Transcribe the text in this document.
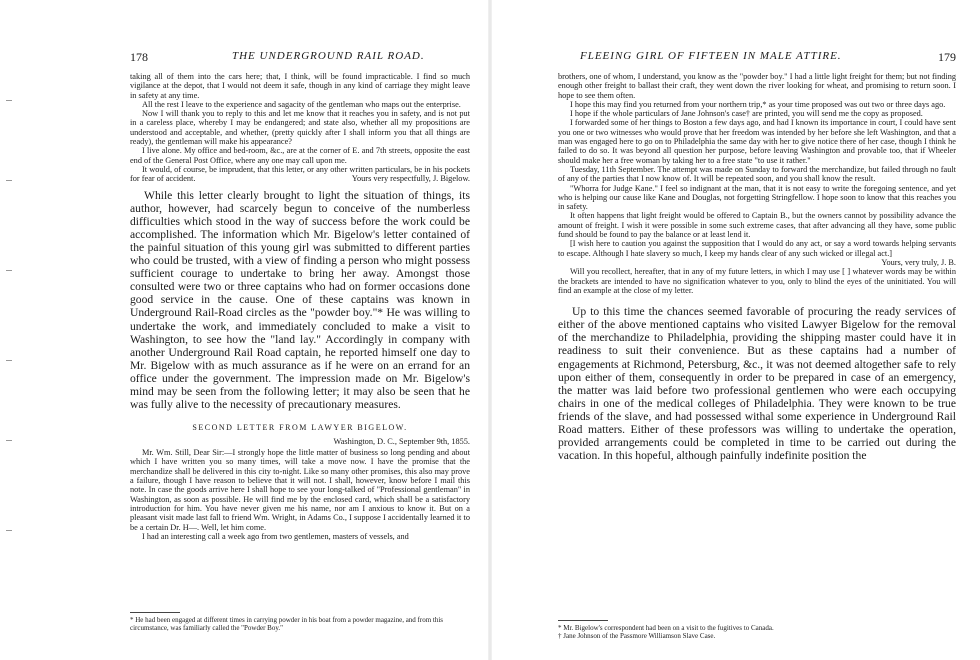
178	THE UNDERGROUND RAIL ROAD.

taking all of them into the cars here; that, I think, will be found impracticable. I find so much vigilance at the depot, that I would not deem it safe, though in any kind of carriage they might leave in safety at any time.

All the rest I leave to the experience and sagacity of the gentleman who maps out the enterprise.

Now I will thank you to reply to this and let me know that it reaches you in safety, and is not put in a careless place, whereby I may be endangered; and state also, whether all my propositions are understood and acceptable, and whether, (pretty quickly after I shall inform you that all things are ready), the gentleman will make his appearance?

I live alone. My office and bed-room, &c., are at the corner of E. and 7th streets, opposite the east end of the General Post Office, where any one may call upon me.

It would, of course, be imprudent, that this letter, or any other written particulars, be in his pockets for fear of accident.	Yours very respectfully, J. Bigelow.

While this letter clearly brought to light the situation of things, its author, however, had scarcely begun to conceive of the numberless difficulties which stood in the way of success before the work could be accomplished. The information which Mr. Bigelow's letter contained of the painful situation of this young girl was submitted to different parties who could be trusted, with a view of finding a person who might possess sufficient courage to undertake to bring her away. Amongst those consulted were two or three captains who had on former occasions done good service in the cause. One of these captains was known in Underground Rail-Road circles as the "powder boy."* He was willing to undertake the work, and immediately concluded to make a visit to Washington, to see how the "land lay." Accordingly in company with another Underground Rail Road captain, he reported himself one day to Mr. Bigelow with as much assurance as if he were on an errand for an office under the government. The impression made on Mr. Bigelow's mind may be seen from the following letter; it may also be seen that he was fully alive to the necessity of precautionary measures.

SECOND LETTER FROM LAWYER BIGELOW.

Washington, D. C., September 9th, 1855.

Mr. Wm. Still, Dear Sir:—I strongly hope the little matter of business so long pending and about which I have written you so many times, will take a move now. I have the promise that the merchandize shall be delivered in this city to-night. Like so many other promises, this also may prove a failure, though I have reason to believe that it will not. I shall, however, know before I mail this note. In case the goods arrive here I shall hope to see your long-talked of "Professional gentleman" in Washington, as soon as possible. He will find me by the enclosed card, which shall be a satisfactory introduction for him. You have never given me his name, nor am I anxious to know it. But on a pleasant visit made last fall to friend Wm. Wright, in Adams Co., I suppose I accidentally learned it to be a certain Dr. H—. Well, let him come.

I had an interesting call a week ago from two gentlemen, masters of vessels, and

* He had been engaged at different times in carrying powder in his boat from a powder magazine, and from this circumstance, was familiarly called the "Powder Boy."

FLEEING GIRL OF FIFTEEN IN MALE ATTIRE.	179

brothers, one of whom, I understand, you know as the "powder boy." I had a little light freight for them; but not finding enough other freight to ballast their craft, they went down the river looking for wheat, and promising to return soon. I hope to see them often.

I hope this may find you returned from your northern trip,* as your time proposed was out two or three days ago.

I hope if the whole particulars of Jane Johnson's case† are printed, you will send me the copy as proposed.

I forwarded some of her things to Boston a few days ago, and had I known its importance in court, I could have sent you one or two witnesses who would prove that her freedom was intended by her before she left Washington, and that a man was engaged here to go on to Philadelphia the same day with her to give notice there of her case, though I think he failed to do so. It was beyond all question her purpose, before leaving Washington and provable too, that if Wheeler should make her a free woman by taking her to a free state "to use it rather."

Tuesday, 11th September. The attempt was made on Sunday to forward the merchandize, but failed through no fault of any of the parties that I now know of. It will be repeated soon, and you shall know the result.

"Whorra for Judge Kane." I feel so indignant at the man, that it is not easy to write the foregoing sentence, and yet who is helping our cause like Kane and Douglas, not forgetting Stringfellow. I hope soon to know that this reaches you in safety.

It often happens that light freight would be offered to Captain B., but the owners cannot by possibility advance the amount of freight. I wish it were possible in some such extreme cases, that after advancing all they have, some public fund should be found to pay the balance or at least lend it.

[I wish here to caution you against the supposition that I would do any act, or say a word towards helping servants to escape. Although I hate slavery so much, I keep my hands clear of any such wicked or illegal act.]

Yours, very truly, J. B.

Will you recollect, hereafter, that in any of my future letters, in which I may use [ ] whatever words may be within the brackets are intended to have no signification whatever to you, only to blind the eyes of the uninitiated. You will find an example at the close of my letter.

Up to this time the chances seemed favorable of procuring the ready services of either of the above mentioned captains who visited Lawyer Bigelow for the removal of the merchandize to Philadelphia, providing the shipping master could have it in readiness to suit their convenience. But as these captains had a number of engagements at Richmond, Petersburg, &c., it was not deemed altogether safe to rely upon either of them, consequently in order to be prepared in case of an emergency, the matter was laid before two professional gentlemen who were each occupying chairs in one of the medical colleges of Philadelphia. They were known to be true friends of the slave, and had possessed withal some experience in Underground Rail Road matters. Either of these professors was willing to undertake the operation, provided arrangements could be completed in time to be carried out during the vacation. In this hopeful, although painfully indefinite position the

* Mr. Bigelow's correspondent had been on a visit to the fugitives to Canada.

† Jane Johnson of the Passmore Williamson Slave Case.
